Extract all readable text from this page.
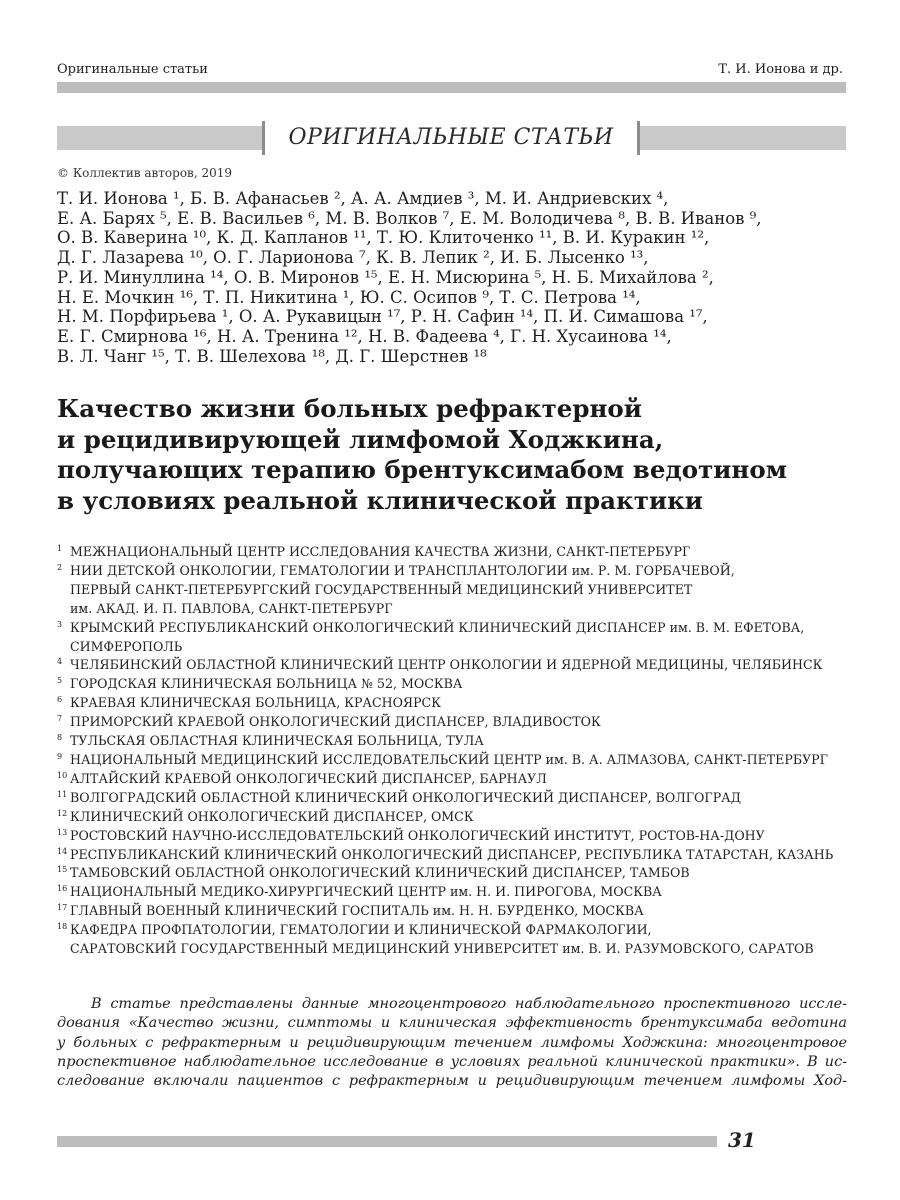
Оригинальные статьи	Т. И. Ионова и др.
ОРИГИНАЛЬНЫЕ СТАТЬИ
© Коллектив авторов, 2019
Т. И. Ионова ¹, Б. В. Афанасьев ², А. А. Амдиев ³, М. И. Андриевских ⁴,
Е. А. Барях ⁵, Е. В. Васильев ⁶, М. В. Волков ⁷, Е. М. Володичева ⁸, В. В. Иванов ⁹,
О. В. Каверина ¹⁰, К. Д. Капланов ¹¹, Т. Ю. Клиточенко ¹¹, В. И. Куракин ¹²,
Д. Г. Лазарева ¹⁰, О. Г. Ларионова ⁷, К. В. Лепик ², И. Б. Лысенко ¹³,
Р. И. Минуллина ¹⁴, О. В. Миронов ¹⁵, Е. Н. Мисюрина ⁵, Н. Б. Михайлова ²,
Н. Е. Мочкин ¹⁶, Т. П. Никитина ¹, Ю. С. Осипов ⁹, Т. С. Петрова ¹⁴,
Н. М. Порфирьева ¹, О. А. Рукавицын ¹⁷, Р. Н. Сафин ¹⁴, П. И. Симашова ¹⁷,
Е. Г. Смирнова ¹⁶, Н. А. Тренина ¹², Н. В. Фадеева ⁴, Г. Н. Хусаинова ¹⁴,
В. Л. Чанг ¹⁵, Т. В. Шелехова ¹⁸, Д. Г. Шерстнев ¹⁸
Качество жизни больных рефрактерной
и рецидивирующей лимфомой Ходжкина,
получающих терапию брентуксимабом ведотином
в условиях реальной клинической практики
1 МЕЖНАЦИОНАЛЬНЫЙ ЦЕНТР ИССЛЕДОВАНИЯ КАЧЕСТВА ЖИЗНИ, САНКТ-ПЕТЕРБУРГ
2 НИИ ДЕТСКОЙ ОНКОЛОГИИ, ГЕМАТОЛОГИИ И ТРАНСПЛАНТОЛОГИИ им. Р. М. ГОРБАЧЕВОЙ,
ПЕРВЫЙ САНКТ-ПЕТЕРБУРГСКИЙ ГОСУДАРСТВЕННЫЙ МЕДИЦИНСКИЙ УНИВЕРСИТЕТ
им. АКАД. И. П. ПАВЛОВА, САНКТ-ПЕТЕРБУРГ
3 КРЫМСКИЙ РЕСПУБЛИКАНСКИЙ ОНКОЛОГИЧЕСКИЙ КЛИНИЧЕСКИЙ ДИСПАНСЕР им. В. М. ЕФЕТОВА,
СИМФЕРОПОЛЬ
4 ЧЕЛЯБИНСКИЙ ОБЛАСТНОЙ КЛИНИЧЕСКИЙ ЦЕНТР ОНКОЛОГИИ И ЯДЕРНОЙ МЕДИЦИНЫ, ЧЕЛЯБИНСК
5 ГОРОДСКАЯ КЛИНИЧЕСКАЯ БОЛЬНИЦА № 52, МОСКВА
6 КРАЕВАЯ КЛИНИЧЕСКАЯ БОЛЬНИЦА, КРАСНОЯРСК
7 ПРИМОРСКИЙ КРАЕВОЙ ОНКОЛОГИЧЕСКИЙ ДИСПАНСЕР, ВЛАДИВОСТОК
8 ТУЛЬСКАЯ ОБЛАСТНАЯ КЛИНИЧЕСКАЯ БОЛЬНИЦА, ТУЛА
9 НАЦИОНАЛЬНЫЙ МЕДИЦИНСКИЙ ИССЛЕДОВАТЕЛЬСКИЙ ЦЕНТР им. В. А. АЛМАЗОВА, САНКТ-ПЕТЕРБУРГ
10 АЛТАЙСКИЙ КРАЕВОЙ ОНКОЛОГИЧЕСКИЙ ДИСПАНСЕР, БАРНАУЛ
11 ВОЛГОГРАДСКИЙ ОБЛАСТНОЙ КЛИНИЧЕСКИЙ ОНКОЛОГИЧЕСКИЙ ДИСПАНСЕР, ВОЛГОГРАД
12 КЛИНИЧЕСКИЙ ОНКОЛОГИЧЕСКИЙ ДИСПАНСЕР, ОМСК
13 РОСТОВСКИЙ НАУЧНО-ИССЛЕДОВАТЕЛЬСКИЙ ОНКОЛОГИЧЕСКИЙ ИНСТИТУТ, РОСТОВ-НА-ДОНУ
14 РЕСПУБЛИКАНСКИЙ КЛИНИЧЕСКИЙ ОНКОЛОГИЧЕСКИЙ ДИСПАНСЕР, РЕСПУБЛИКА ТАТАРСТАН, КАЗАНЬ
15 ТАМБОВСКИЙ ОБЛАСТНОЙ ОНКОЛОГИЧЕСКИЙ КЛИНИЧЕСКИЙ ДИСПАНСЕР, ТАМБОВ
16 НАЦИОНАЛЬНЫЙ МЕДИКО-ХИРУРГИЧЕСКИЙ ЦЕНТР им. Н. И. ПИРОГОВА, МОСКВА
17 ГЛАВНЫЙ ВОЕННЫЙ КЛИНИЧЕСКИЙ ГОСПИТАЛЬ им. Н. Н. БУРДЕНКО, МОСКВА
18 КАФЕДРА ПРОФПАТОЛОГИИ, ГЕМАТОЛОГИИ И КЛИНИЧЕСКОЙ ФАРМАКОЛОГИИ,
САРАТОВСКИЙ ГОСУДАРСТВЕННЫЙ МЕДИЦИНСКИЙ УНИВЕРСИТЕТ им. В. И. РАЗУМОВСКОГО, САРАТОВ
В статье представлены данные многоцентрового наблюдательного проспективного иссле-
дования «Качество жизни, симптомы и клиническая эффективность брентуксимаба ведотина
у больных с рефрактерным и рецидивирующим течением лимфомы Ходжкина: многоцентровое
проспективное наблюдательное исследование в условиях реальной клинической практики». В ис-
следование включали пациентов с рефрактерным и рецидивирующим течением лимфомы Ход-
31
